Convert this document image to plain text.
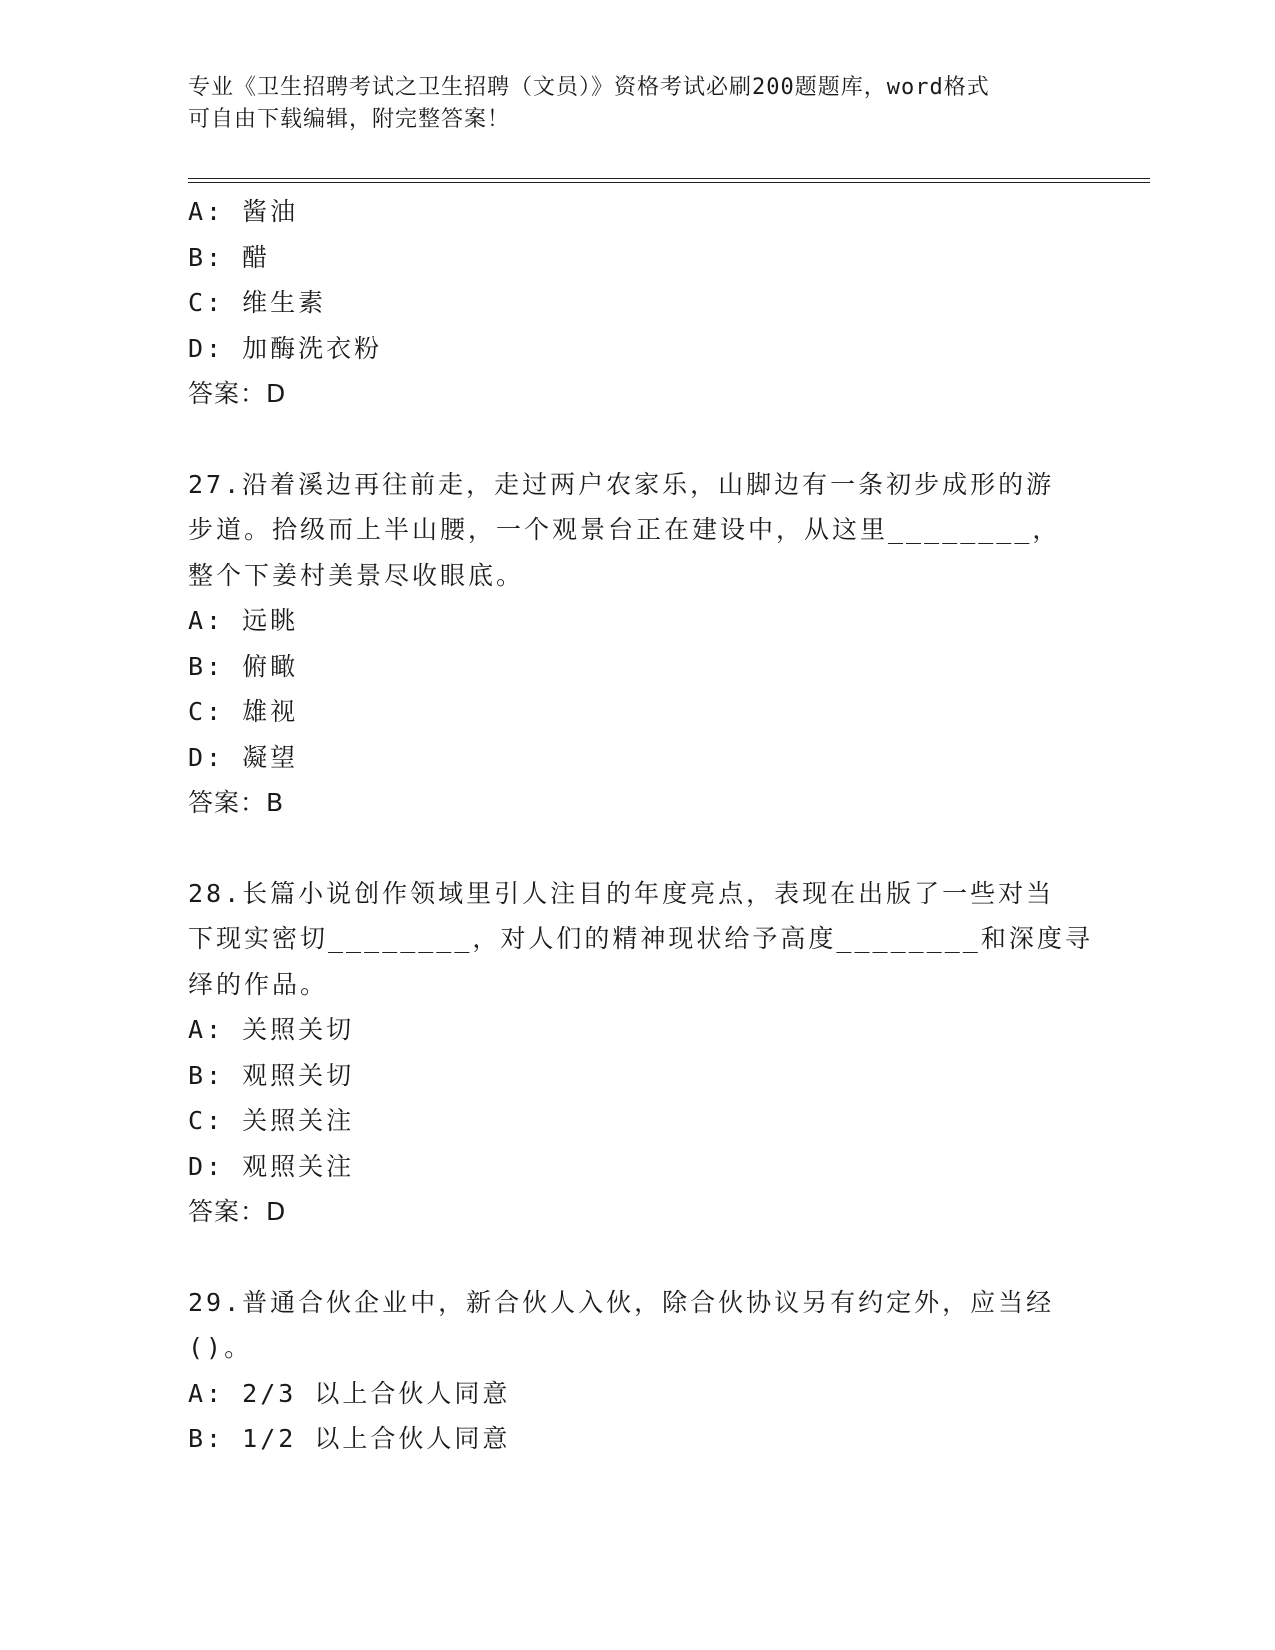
专业《卫生招聘考试之卫生招聘（文员）》资格考试必刷200题题库，word格式
可自由下载编辑，附完整答案！
A: 酱油
B: 醋
C: 维生素
D: 加酶洗衣粉
答案：D
27.沿着溪边再往前走，走过两户农家乐，山脚边有一条初步成形的游
步道。拾级而上半山腰，一个观景台正在建设中，从这里________，
整个下姜村美景尽收眼底。
A: 远眺
B: 俯瞰
C: 雄视
D: 凝望
答案：B
28.长篇小说创作领域里引人注目的年度亮点，表现在出版了一些对当
下现实密切________，对人们的精神现状给予高度________和深度寻
绎的作品。
A: 关照关切
B: 观照关切
C: 关照关注
D: 观照关注
答案：D
29.普通合伙企业中，新合伙人入伙，除合伙协议另有约定外，应当经
()。
A: 2/3 以上合伙人同意
B: 1/2 以上合伙人同意
